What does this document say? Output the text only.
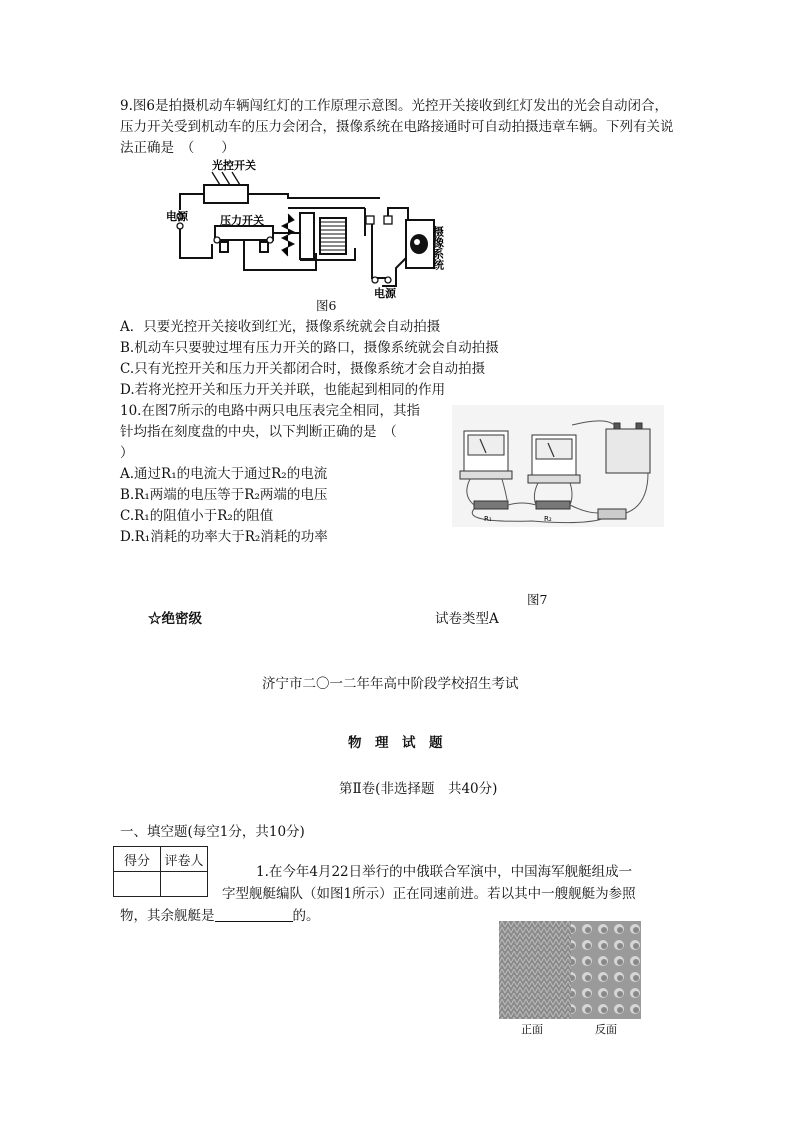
9.图6是拍摄机动车辆闯红灯的工作原理示意图。光控开关接收到红灯发出的光会自动闭合，压力开关受到机动车的压力会闭合，摄像系统在电路接通时可自动拍摄违章车辆。下列有关说法正确是　（　　）
光控开关
电源	压力开关
摄像系统
电源
图6
A．只要光控开关接收到红光，摄像系统就会自动拍摄
B.机动车只要驶过埋有压力开关的路口，摄像系统就会自动拍摄
C.只有光控开关和压力开关都闭合时，摄像系统才会自动拍摄
D.若将光控开关和压力开关并联，也能起到相同的作用
10.在图7所示的电路中两只电压表完全相同，其指
针均指在刻度盘的中央，以下判断正确的是　（
）
A.通过R₁的电流大于通过R₂的电流
B.R₁两端的电压等于R₂两端的电压
C.R₁的阻值小于R₂的阻值
D.R₁消耗的功率大于R₂消耗的功率
R₁	R₂
图7
☆绝密级	试卷类型A
济宁市二〇一二年年高中阶段学校招生考试
物　理　试　题
第Ⅱ卷(非选择题　共40分)
一、填空题(每空1分，共10分)
得分	评卷人

1.在今年4月22日举行的中俄联合军演中，中国海军舰艇组成一
字型舰艇编队（如图1所示）正在同速前进。若以其中一艘舰艇为参照
物，其余舰艇是	的。
正面	反面
